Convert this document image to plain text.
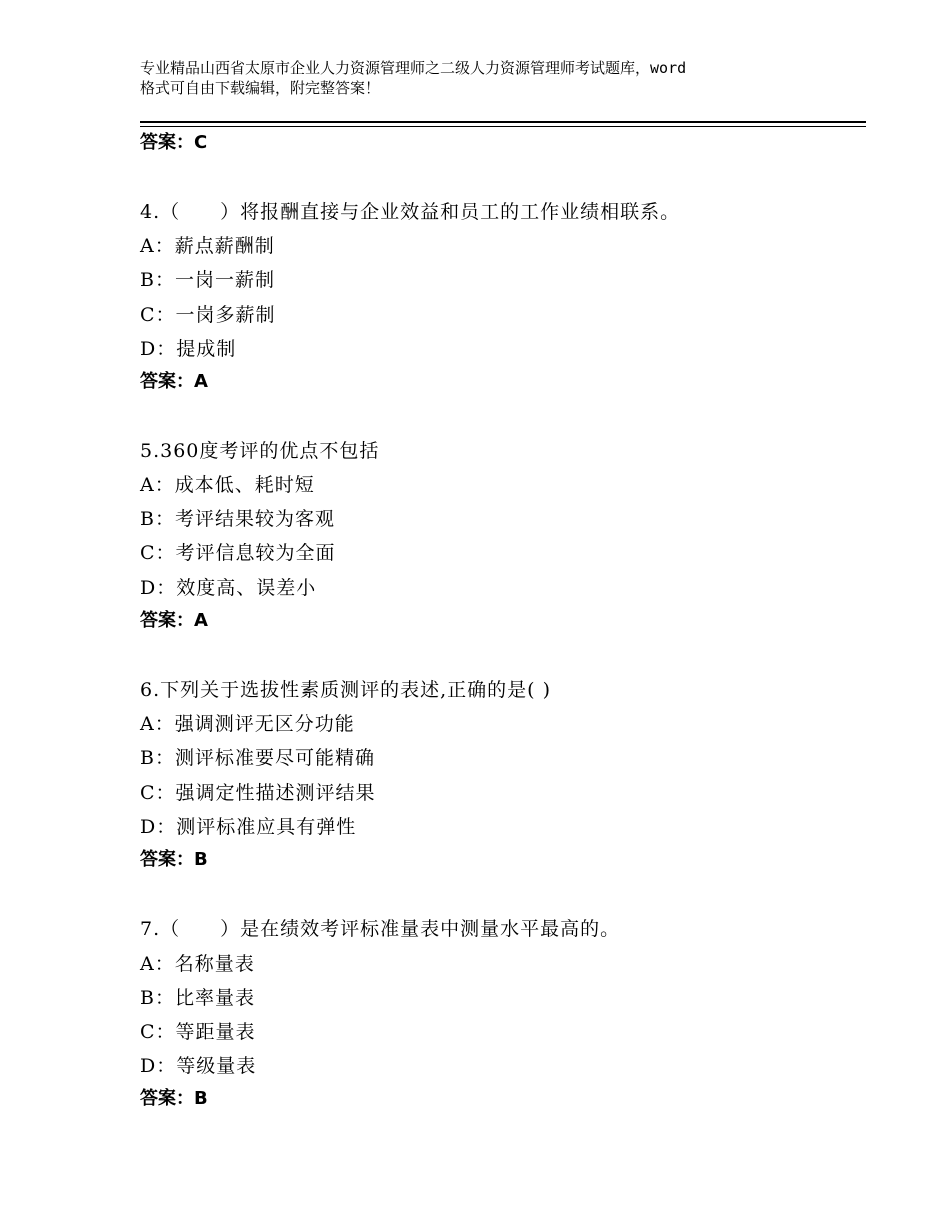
专业精品山西省太原市企业人力资源管理师之二级人力资源管理师考试题库，word
格式可自由下载编辑，附完整答案！
答案：C
4.（　　）将报酬直接与企业效益和员工的工作业绩相联系。
A：薪点薪酬制
B：一岗一薪制
C：一岗多薪制
D：提成制
答案：A
5.360度考评的优点不包括
A：成本低、耗时短
B：考评结果较为客观
C：考评信息较为全面
D：效度高、误差小
答案：A
6.下列关于选拔性素质测评的表述,正确的是( )
A：强调测评无区分功能
B：测评标准要尽可能精确
C：强调定性描述测评结果
D：测评标准应具有弹性
答案：B
7.（　　）是在绩效考评标准量表中测量水平最高的。
A：名称量表
B：比率量表
C：等距量表
D：等级量表
答案：B
